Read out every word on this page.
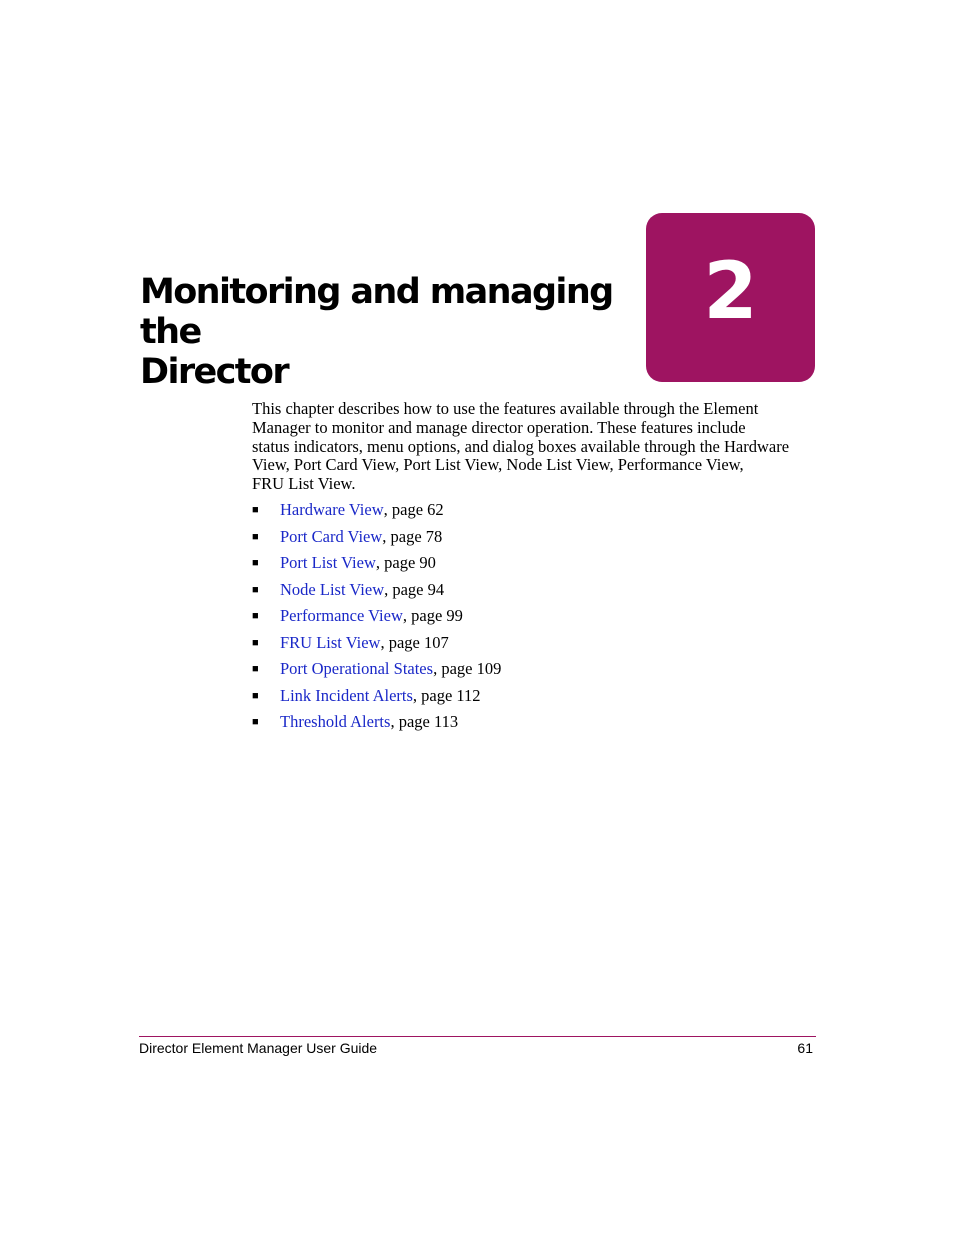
Monitoring and managing the
Director
2

This chapter describes how to use the features available through the Element
Manager to monitor and manage director operation. These features include
status indicators, menu options, and dialog boxes available through the Hardware
View, Port Card View, Port List View, Node List View, Performance View,
FRU List View.

■	Hardware View , page 62
■	Port Card View , page 78
■	Port List View , page 90
■	Node List View , page 94
■	Performance View , page 99
■	FRU List View , page 107
■	Port Operational States , page 109
■	Link Incident Alerts , page 112
■	Threshold Alerts , page 113
Director Element Manager User Guide	61
